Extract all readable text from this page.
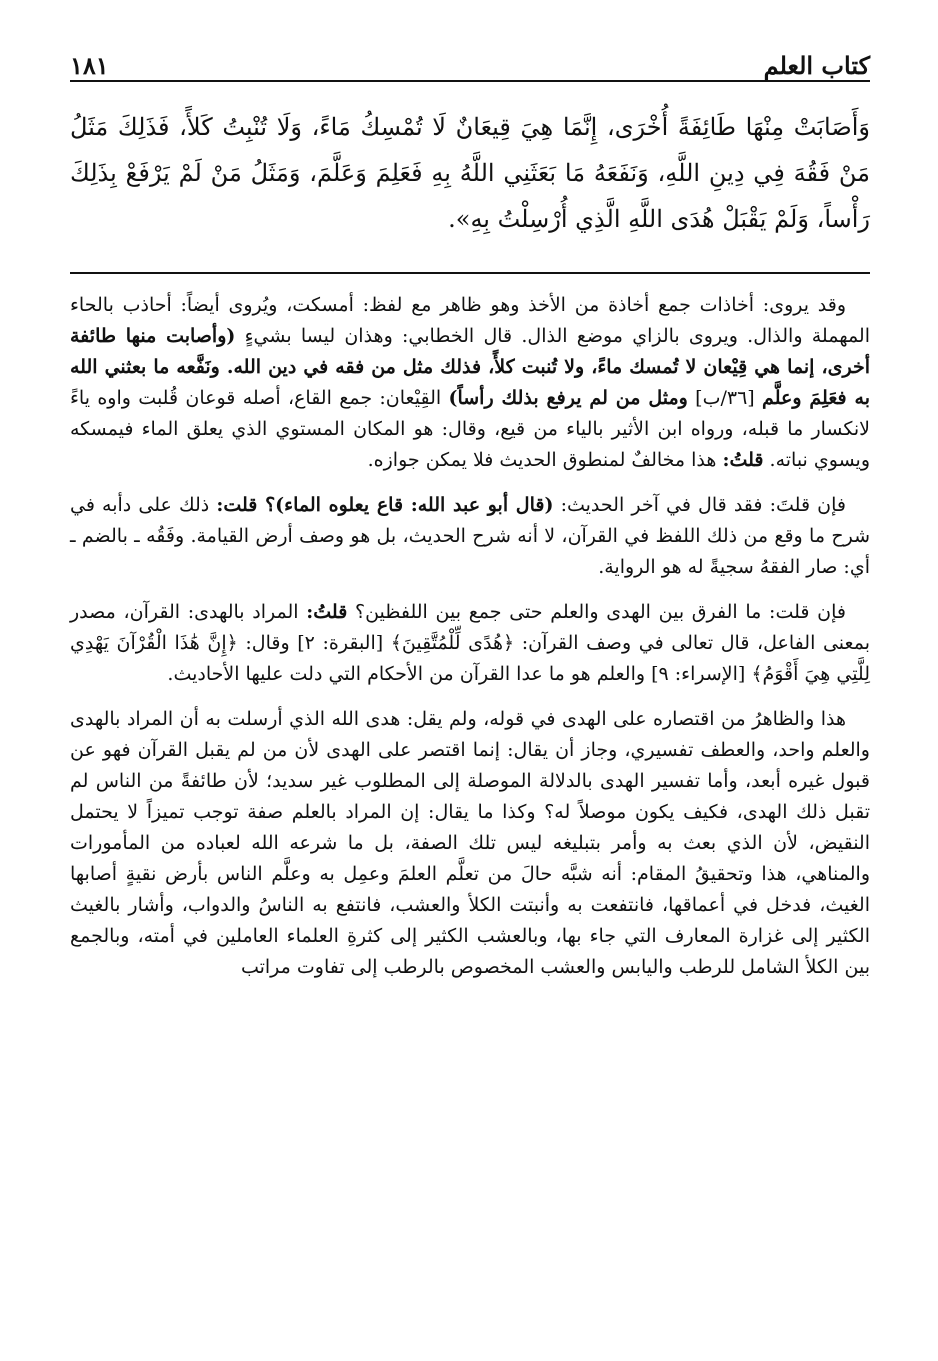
كتاب العلم
١٨١

وَأَصَابَتْ مِنْهَا طَائِفَةً أُخْرَى، إِنَّمَا هِيَ قِيعَانٌ لَا تُمْسِكُ مَاءً، وَلَا تُنْبِتُ كَلأً، فَذَلِكَ مَثَلُ مَنْ فَقُهَ فِي دِينِ اللَّهِ، وَنَفَعَهُ مَا بَعَثَنِي اللَّهُ بِهِ فَعَلِمَ وَعَلَّمَ، وَمَثَلُ مَنْ لَمْ يَرْفَعْ بِذَلِكَ رَأْساً، وَلَمْ يَقْبَلْ هُدَى اللَّهِ الَّذِي أُرْسِلْتُ بِهِ».

وقد يروى: أخاذات جمع أخاذة من الأخذ وهو ظاهر مع لفظ: أمسكت، ويُروى أيضاً: أحاذب بالحاء المهملة والذال. ويروى بالزاي موضع الذال. قال الخطابي: وهذان ليسا بشيءٍ (وأصابت منها طائفة أخرى، إنما هي قِيْعان لا تُمسك ماءً، ولا تُنبت كلأً، فذلك مثل من فقه في دين الله. ونَفَّعه ما بعثني الله به فعَلِمَ وعلَّم [٣٦/ب] ومثل من لم يرفع بذلك رأساً) القِيْعان: جمع القاع، أصله قوعان قُلبت واوه ياءً لانكسار ما قبله، ورواه ابن الأثير بالياء من قيع، وقال: هو المكان المستوي الذي يعلق الماء فيمسكه ويسوي نباته. قلتُ: هذا مخالفٌ لمنطوق الحديث فلا يمكن جوازه.

فإن قلتَ: فقد قال في آخر الحديث: (قال أبو عبد الله: قاع يعلوه الماء)؟ قلت: ذلك على دأبه في شرح ما وقع من ذلك اللفظ في القرآن، لا أنه شرح الحديث، بل هو وصف أرض القيامة. وفَقُه ـ بالضم ـ أي: صار الفقهُ سجيةً له هو الرواية.

فإن قلت: ما الفرق بين الهدى والعلم حتى جمع بين اللفظين؟ قلتُ: المراد بالهدى: القرآن، مصدر بمعنى الفاعل، قال تعالى في وصف القرآن: ﴿هُدًى لِّلْمُتَّقِينَ﴾ [البقرة: ٢] وقال: ﴿إِنَّ هَٰذَا الْقُرْآنَ يَهْدِي لِلَّتِي هِيَ أَقْوَمُ﴾ [الإسراء: ٩] والعلم هو ما عدا القرآن من الأحكام التي دلت عليها الأحاديث.

هذا والظاهرُ من اقتصاره على الهدى في قوله، ولم يقل: هدى الله الذي أرسلت به أن المراد بالهدى والعلم واحد، والعطف تفسيري، وجاز أن يقال: إنما اقتصر على الهدى لأن من لم يقبل القرآن فهو عن قبول غيره أبعد، وأما تفسير الهدى بالدلالة الموصلة إلى المطلوب غير سديد؛ لأن طائفةً من الناس لم تقبل ذلك الهدى، فكيف يكون موصلاً له؟ وكذا ما يقال: إن المراد بالعلم صفة توجب تميزاً لا يحتمل النقيض، لأن الذي بعث به وأمر بتبليغه ليس تلك الصفة، بل ما شرعه الله لعباده من المأمورات والمناهي، هذا وتحقيقُ المقام: أنه شبَّه حالَ من تعلَّم العلمَ وعمِل به وعلَّم الناس بأرض نقيةٍ أصابها الغيث، فدخل في أعماقها، فانتفعت به وأنبتت الكلأ والعشب، فانتفع به الناسُ والدواب، وأشار بالغيث الكثير إلى غزارة المعارف التي جاء بها، وبالعشب الكثير إلى كثرةِ العلماء العاملين في أمته، وبالجمع بين الكلأ الشامل للرطب واليابس والعشب المخصوص بالرطب إلى تفاوت مراتب
